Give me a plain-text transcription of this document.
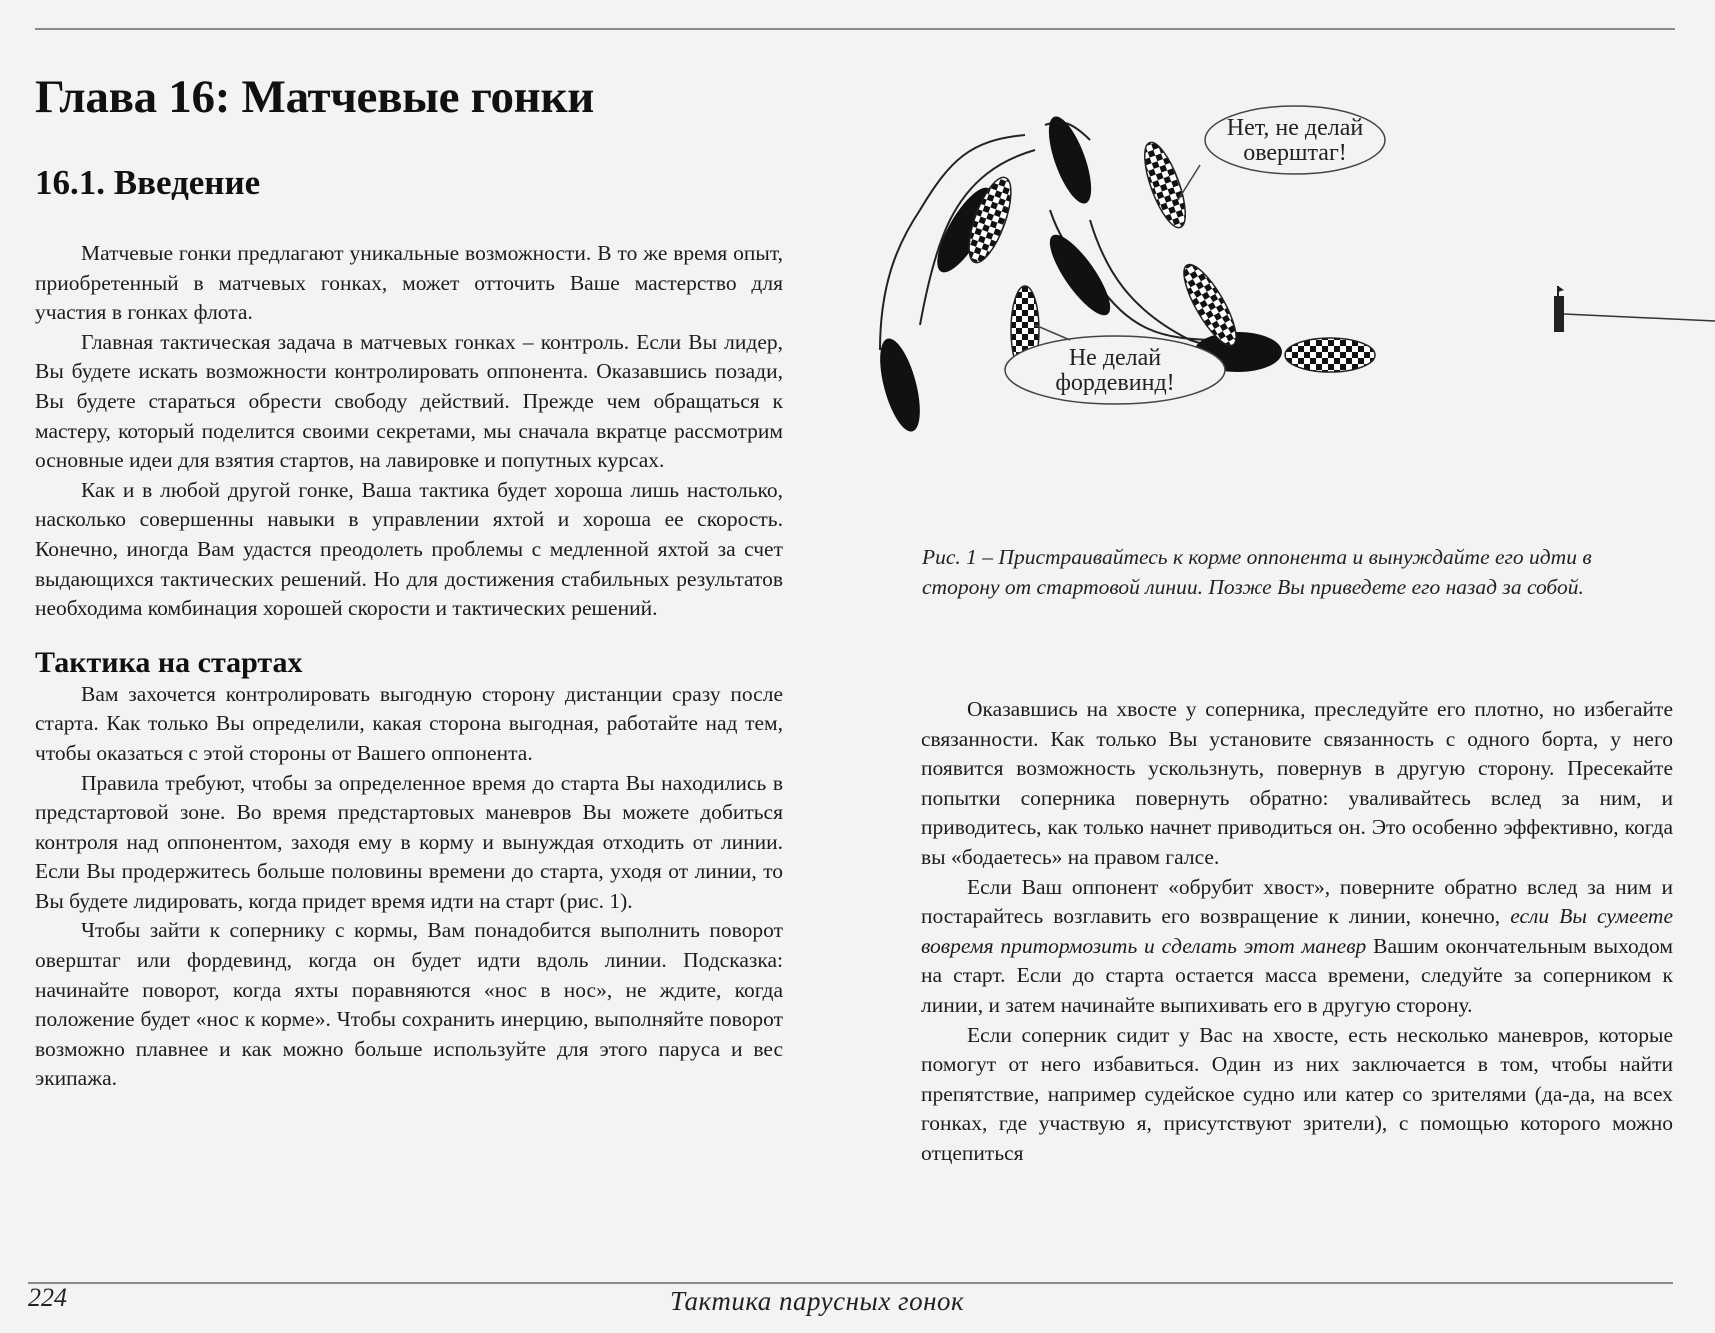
Глава 16: Матчевые гонки
16.1. Введение

Матчевые гонки предлагают уникальные возможности. В то же время опыт, приобретенный в матчевых гонках, может отточить Ваше мастерство для участия в гонках флота.

Главная тактическая задача в матчевых гонках – контроль. Если Вы лидер, Вы будете искать возможности контролировать оппонента. Оказавшись позади, Вы будете стараться обрести свободу действий. Прежде чем обращаться к мастеру, который поделится своими секретами, мы сначала вкратце рассмотрим основные идеи для взятия стартов, на лавировке и попутных курсах.

Как и в любой другой гонке, Ваша тактика будет хороша лишь настолько, насколько совершенны навыки в управлении яхтой и хороша ее скорость. Конечно, иногда Вам удастся преодолеть проблемы с медленной яхтой за счет выдающихся тактических решений. Но для достижения стабильных результатов необходима комбинация хорошей скорости и тактических решений.

Тактика на стартах

Вам захочется контролировать выгодную сторону дистанции сразу после старта. Как только Вы определили, какая сторона выгодная, работайте над тем, чтобы оказаться с этой стороны от Вашего оппонента.

Правила требуют, чтобы за определенное время до старта Вы находились в предстартовой зоне. Во время предстартовых маневров Вы можете добиться контроля над оппонентом, заходя ему в корму и вынуждая отходить от линии. Если Вы продержитесь больше половины времени до старта, уходя от линии, то Вы будете лидировать, когда придет время идти на старт (рис. 1).

Чтобы зайти к сопернику с кормы, Вам понадобится выполнить поворот оверштаг или фордевинд, когда он будет идти вдоль линии. Подсказка: начинайте поворот, когда яхты поравняются «нос в нос», не ждите, когда положение будет «нос к корме». Чтобы сохранить инерцию, выполняйте поворот возможно плавнее и как можно больше используйте для этого паруса и вес экипажа.

Нет, не делай
оверштаг!
Не делай
фордевинд!
Рис. 1 – Пристраивайтесь к корме оппонента и вынуждайте его идти в сторону от стартовой линии. Позже Вы приведете его назад за собой.

Оказавшись на хвосте у соперника, преследуйте его плотно, но избегайте связанности. Как только Вы установите связанность с одного борта, у него появится возможность ускользнуть, повернув в другую сторону. Пресекайте попытки соперника повернуть обратно: уваливайтесь вслед за ним, и приводитесь, как только начнет приводиться он. Это особенно эффективно, когда вы «бодаетесь» на правом галсе.

Если Ваш оппонент «обрубит хвост», поверните обратно вслед за ним и постарайтесь возглавить его возвращение к линии, конечно, если Вы сумеете вовремя притормозить и сделать этот маневр Вашим окончательным выходом на старт. Если до старта остается масса времени, следуйте за соперником к линии, и затем начинайте выпихивать его в другую сторону.

Если соперник сидит у Вас на хвосте, есть несколько маневров, которые помогут от него избавиться. Один из них заключается в том, чтобы найти препятствие, например судейское судно или катер со зрителями (да-да, на всех гонках, где участвую я, присутствуют зрители), с помощью которого можно отцепиться

224	Тактика парусных гонок
